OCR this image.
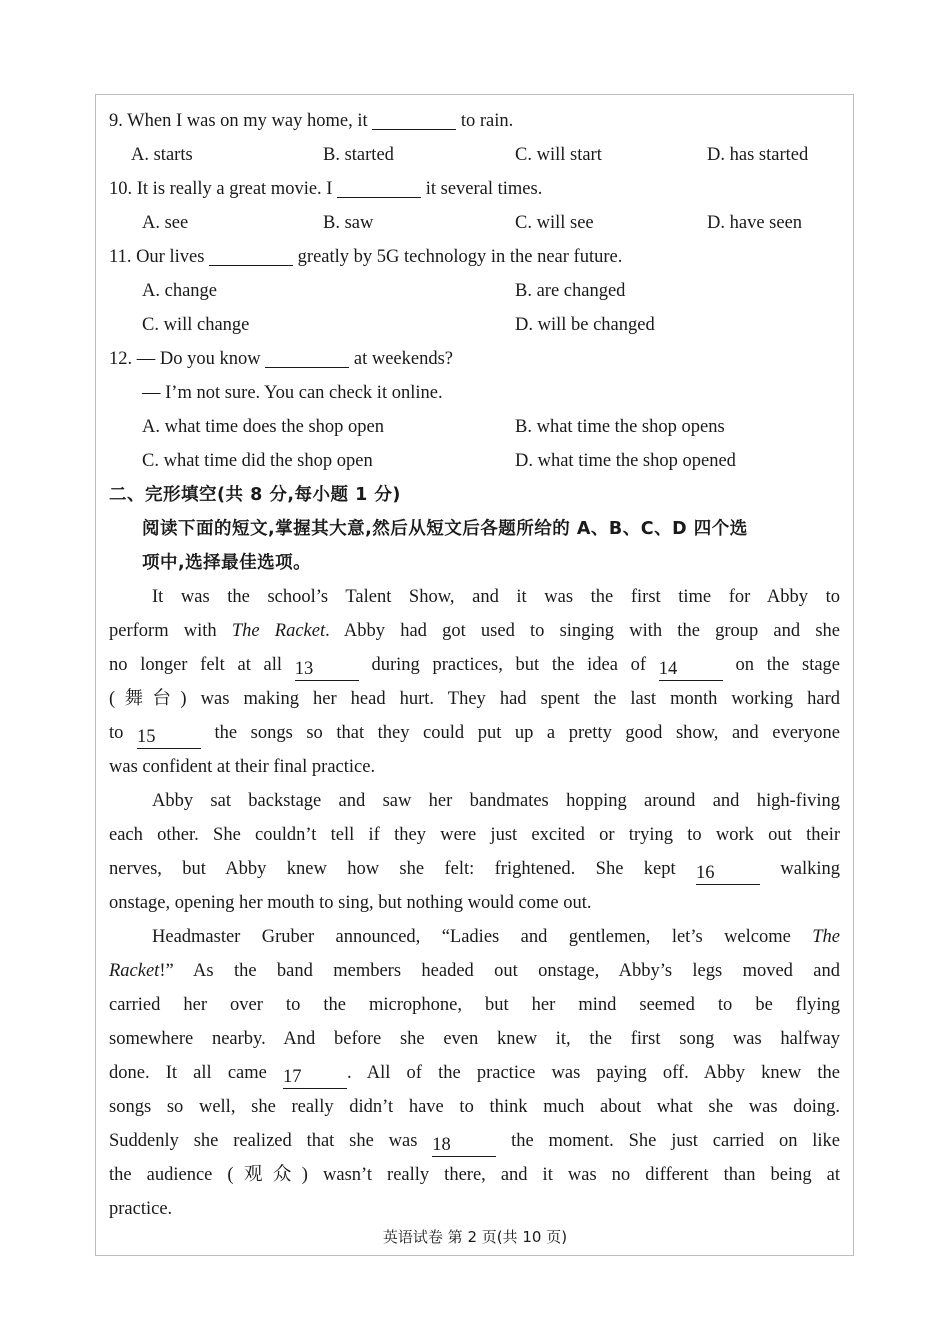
9. When I was on my way home, it	to rain.
A. starts	B. started	C. will start	D. has started
10. It is really a great movie. I	it several times.
A. see	B. saw	C. will see	D. have seen
11. Our lives	greatly by 5G technology in the near future.
A. change	B. are changed
C. will change	D. will be changed
12. — Do you know	at weekends?
— I’m not sure. You can check it online.
A. what time does the shop open	B. what time the shop opens
C. what time did the shop open	D. what time the shop opened
二、完形填空(共 8 分,每小题 1 分)
阅读下面的短文,掌握其大意,然后从短文后各题所给的 A、B、C、D 四个选
项中,选择最佳选项。
It was the school’s Talent Show, and it was the first time for Abby to
perform with The Racket. Abby had got used to singing with the group and she
no longer felt at all 13	during practices, but the idea of 14	on the stage
(舞台) was making her head hurt. They had spent the last month working hard
to 15	the songs so that they could put up a pretty good show, and everyone
was confident at their final practice.
Abby sat backstage and saw her bandmates hopping around and high-fiving
each other. She couldn’t tell if they were just excited or trying to work out their
nerves, but Abby knew how she felt: frightened. She kept 16	walking
onstage, opening her mouth to sing, but nothing would come out.
Headmaster Gruber announced, “Ladies and gentlemen, let’s welcome The
Racket!” As the band members headed out onstage, Abby’s legs moved and
carried her over to the microphone, but her mind seemed to be flying
somewhere nearby. And before she even knew it, the first song was halfway
done. It all came 17 . All of the practice was paying off. Abby knew the
songs so well, she really didn’t have to think much about what she was doing.
Suddenly she realized that she was 18	the moment. She just carried on like
the audience (观众) wasn’t really there, and it was no different than being at
practice.
英语试卷 第 2 页(共 10 页)
